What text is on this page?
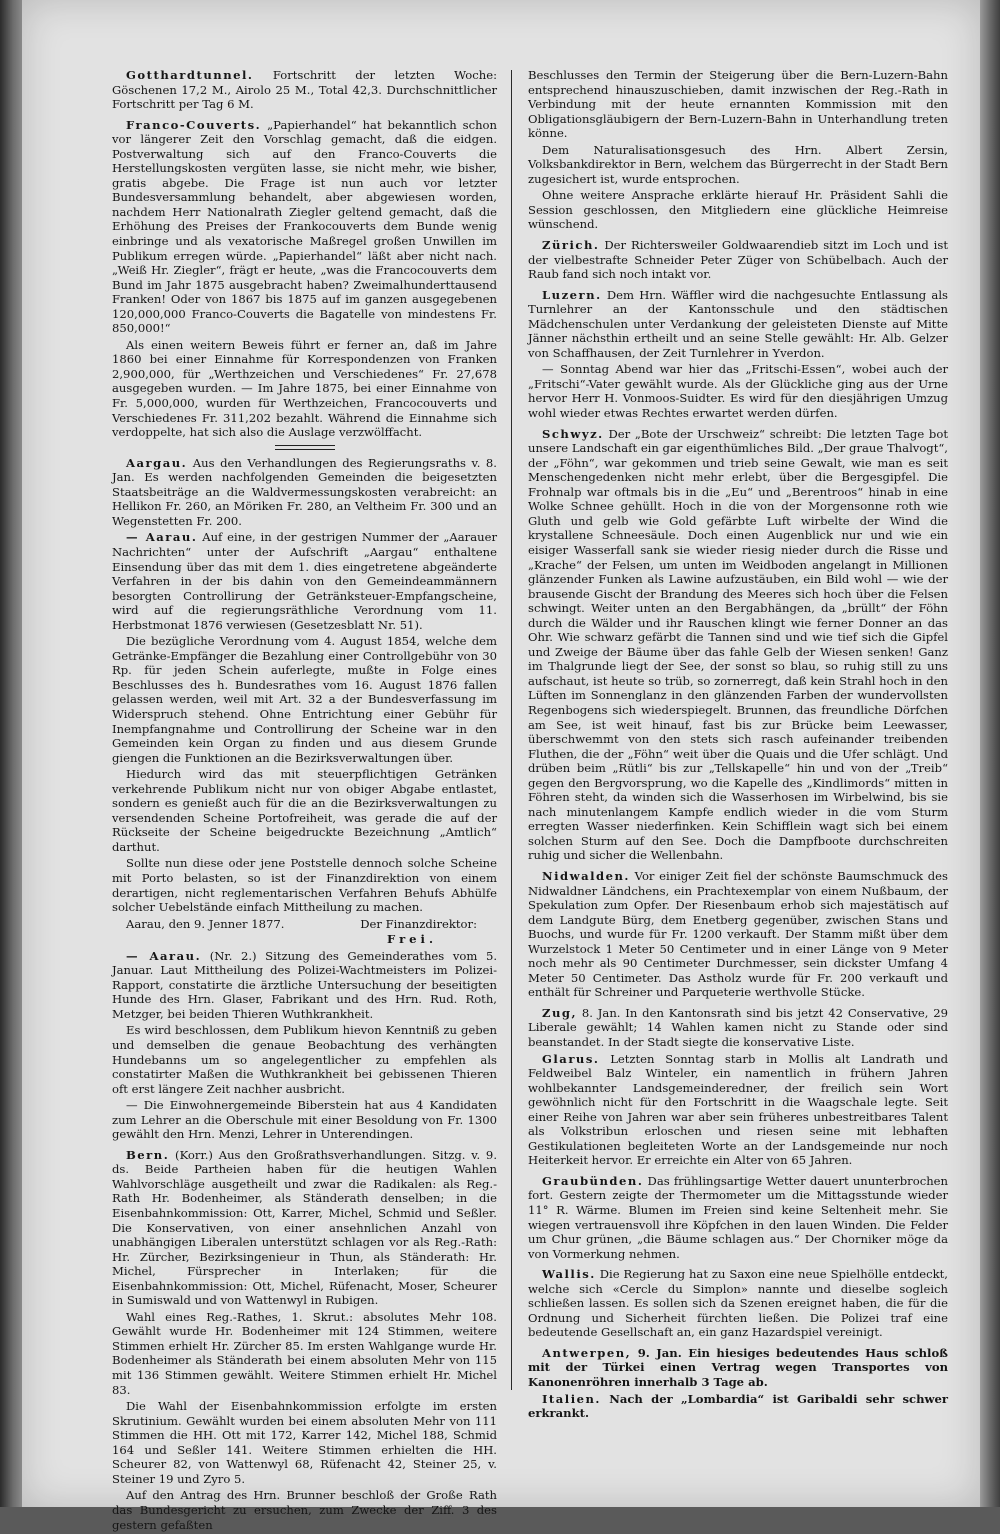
Gotthardtunnel. Fortschritt der letzten Woche: Göschenen 17,2 M., Airolo 25 M., Total 42,3. Durchschnittlicher Fortschritt per Tag 6 M.

Franco-Couverts. „Papierhandel“ hat bekanntlich schon vor längerer Zeit den Vorschlag gemacht, daß die eidgen. Postverwaltung sich auf den Franco-Couverts die Herstellungskosten vergüten lasse, sie nicht mehr, wie bisher, gratis abgebe. Die Frage ist nun auch vor letzter Bundesversammlung behandelt, aber abgewiesen worden, nachdem Herr Nationalrath Ziegler geltend gemacht, daß die Erhöhung des Preises der Frankocouverts dem Bunde wenig einbringe und als vexatorische Maßregel großen Unwillen im Publikum erregen würde. „Papierhandel“ läßt aber nicht nach. „Weiß Hr. Ziegler“, frägt er heute, „was die Francocouverts dem Bund im Jahr 1875 ausgebracht haben? Zweimalhunderttausend Franken! Oder von 1867 bis 1875 auf im ganzen ausgegebenen 120,000,000 Franco-Couverts die Bagatelle von mindestens Fr. 850,000!“

Als einen weitern Beweis führt er ferner an, daß im Jahre 1860 bei einer Einnahme für Korrespondenzen von Franken 2,900,000, für „Werthzeichen und Verschiedenes“ Fr. 27,678 ausgegeben wurden. — Im Jahre 1875, bei einer Einnahme von Fr. 5,000,000, wurden für Werthzeichen, Francocouverts und Verschiedenes Fr. 311,202 bezahlt. Während die Einnahme sich verdoppelte, hat sich also die Auslage verzwölffacht.

Aargau. Aus den Verhandlungen des Regierungsraths v. 8. Jan. Es werden nachfolgenden Gemeinden die beigesetzten Staatsbeiträge an die Waldvermessungskosten verabreicht: an Hellikon Fr. 260, an Möriken Fr. 280, an Veltheim Fr. 300 und an Wegenstetten Fr. 200.

— Aarau. Auf eine, in der gestrigen Nummer der „Aarauer Nachrichten“ unter der Aufschrift „Aargau“ enthaltene Einsendung über das mit dem 1. dies eingetretene abgeänderte Verfahren in der bis dahin von den Gemeindeammännern besorgten Controllirung der Getränksteuer-Empfangscheine, wird auf die regierungsräthliche Verordnung vom 11. Herbstmonat 1876 verwiesen (Gesetzesblatt Nr. 51).

Die bezügliche Verordnung vom 4. August 1854, welche dem Getränke-Empfänger die Bezahlung einer Controllgebühr von 30 Rp. für jeden Schein auferlegte, mußte in Folge eines Beschlusses des h. Bundesrathes vom 16. August 1876 fallen gelassen werden, weil mit Art. 32 a der Bundesverfassung im Widerspruch stehend. Ohne Entrichtung einer Gebühr für Inempfangnahme und Controllirung der Scheine war in den Gemeinden kein Organ zu finden und aus diesem Grunde giengen die Funktionen an die Bezirksverwaltungen über.

Hiedurch wird das mit steuerpflichtigen Getränken verkehrende Publikum nicht nur von obiger Abgabe entlastet, sondern es genießt auch für die an die Bezirksverwaltungen zu versendenden Scheine Portofreiheit, was gerade die auf der Rückseite der Scheine beigedruckte Bezeichnung „Amtlich“ darthut.

Sollte nun diese oder jene Poststelle dennoch solche Scheine mit Porto belasten, so ist der Finanzdirektion von einem derartigen, nicht reglementarischen Verfahren Behufs Abhülfe solcher Uebelstände einfach Mittheilung zu machen.

Aarau, den 9. Jenner 1877.	Der Finanzdirektor:
Frei.

— Aarau. (Nr. 2.) Sitzung des Gemeinderathes vom 5. Januar. Laut Mittheilung des Polizei-Wachtmeisters im Polizei-Rapport, constatirte die ärztliche Untersuchung der beseitigten Hunde des Hrn. Glaser, Fabrikant und des Hrn. Rud. Roth, Metzger, bei beiden Thieren Wuthkrankheit.

Es wird beschlossen, dem Publikum hievon Kenntniß zu geben und demselben die genaue Beobachtung des verhängten Hundebanns um so angelegentlicher zu empfehlen als constatirter Maßen die Wuthkrankheit bei gebissenen Thieren oft erst längere Zeit nachher ausbricht.

— Die Einwohnergemeinde Biberstein hat aus 4 Kandidaten zum Lehrer an die Oberschule mit einer Besoldung von Fr. 1300 gewählt den Hrn. Menzi, Lehrer in Unterendingen.

Bern. (Korr.) Aus den Großrathsverhandlungen. Sitzg. v. 9. ds. Beide Partheien haben für die heutigen Wahlen Wahlvorschläge ausgetheilt und zwar die Radikalen: als Reg.-Rath Hr. Bodenheimer, als Ständerath denselben; in die Eisenbahnkommission: Ott, Karrer, Michel, Schmid und Seßler. Die Konservativen, von einer ansehnlichen Anzahl von unabhängigen Liberalen unterstützt schlagen vor als Reg.-Rath: Hr. Zürcher, Bezirksingenieur in Thun, als Ständerath: Hr. Michel, Fürsprecher in Interlaken; für die Eisenbahnkommission: Ott, Michel, Rüfenacht, Moser, Scheurer in Sumiswald und von Wattenwyl in Rubigen.

Wahl eines Reg.-Rathes, 1. Skrut.: absolutes Mehr 108. Gewählt wurde Hr. Bodenheimer mit 124 Stimmen, weitere Stimmen erhielt Hr. Zürcher 85. Im ersten Wahlgange wurde Hr. Bodenheimer als Ständerath bei einem absoluten Mehr von 115 mit 136 Stimmen gewählt. Weitere Stimmen erhielt Hr. Michel 83.

Die Wahl der Eisenbahnkommission erfolgte im ersten Skrutinium. Gewählt wurden bei einem absoluten Mehr von 111 Stimmen die HH. Ott mit 172, Karrer 142, Michel 188, Schmid 164 und Seßler 141. Weitere Stimmen erhielten die HH. Scheurer 82, von Wattenwyl 68, Rüfenacht 42, Steiner 25, v. Steiner 19 und Zyro 5.

Auf den Antrag des Hrn. Brunner beschloß der Große Rath das Bundesgericht zu ersuchen, zum Zwecke der Ziff. 3 des gestern gefaßten

Beschlusses den Termin der Steigerung über die Bern-Luzern-Bahn entsprechend hinauszuschieben, damit inzwischen der Reg.-Rath in Verbindung mit der heute ernannten Kommission mit den Obligationsgläubigern der Bern-Luzern-Bahn in Unterhandlung treten könne.

Dem Naturalisationsgesuch des Hrn. Albert Zersin, Volksbankdirektor in Bern, welchem das Bürgerrecht in der Stadt Bern zugesichert ist, wurde entsprochen.

Ohne weitere Ansprache erklärte hierauf Hr. Präsident Sahli die Session geschlossen, den Mitgliedern eine glückliche Heimreise wünschend.

Zürich. Der Richtersweiler Goldwaarendieb sitzt im Loch und ist der vielbestrafte Schneider Peter Züger von Schübelbach. Auch der Raub fand sich noch intakt vor.

Luzern. Dem Hrn. Wäffler wird die nachgesuchte Entlassung als Turnlehrer an der Kantonsschule und den städtischen Mädchenschulen unter Verdankung der geleisteten Dienste auf Mitte Jänner nächsthin ertheilt und an seine Stelle gewählt: Hr. Alb. Gelzer von Schaffhausen, der Zeit Turnlehrer in Yverdon.

— Sonntag Abend war hier das „Fritschi-Essen“, wobei auch der „Fritschi“-Vater gewählt wurde. Als der Glückliche ging aus der Urne hervor Herr H. Vonmoos-Suidter. Es wird für den diesjährigen Umzug wohl wieder etwas Rechtes erwartet werden dürfen.

Schwyz. Der „Bote der Urschweiz“ schreibt: Die letzten Tage bot unsere Landschaft ein gar eigenthümliches Bild. „Der graue Thalvogt“, der „Föhn“, war gekommen und trieb seine Gewalt, wie man es seit Menschengedenken nicht mehr erlebt, über die Bergesgipfel. Die Frohnalp war oftmals bis in die „Eu“ und „Berentroos“ hinab in eine Wolke Schnee gehüllt. Hoch in die von der Morgensonne roth wie Gluth und gelb wie Gold gefärbte Luft wirbelte der Wind die krystallene Schneesäule. Doch einen Augenblick nur und wie ein eisiger Wasserfall sank sie wieder riesig nieder durch die Risse und „Krache“ der Felsen, um unten im Weidboden angelangt in Millionen glänzender Funken als Lawine aufzustäuben, ein Bild wohl — wie der brausende Gischt der Brandung des Meeres sich hoch über die Felsen schwingt. Weiter unten an den Bergabhängen, da „brüllt“ der Föhn durch die Wälder und ihr Rauschen klingt wie ferner Donner an das Ohr. Wie schwarz gefärbt die Tannen sind und wie tief sich die Gipfel und Zweige der Bäume über das fahle Gelb der Wiesen senken! Ganz im Thalgrunde liegt der See, der sonst so blau, so ruhig still zu uns aufschaut, ist heute so trüb, so zornerregt, daß kein Strahl hoch in den Lüften im Sonnenglanz in den glänzenden Farben der wundervollsten Regenbogens sich wiederspiegelt. Brunnen, das freundliche Dörfchen am See, ist weit hinauf, fast bis zur Brücke beim Leewasser, überschwemmt von den stets sich rasch aufeinander treibenden Fluthen, die der „Föhn“ weit über die Quais und die Ufer schlägt. Und drüben beim „Rütli“ bis zur „Tellskapelle“ hin und von der „Treib“ gegen den Bergvorsprung, wo die Kapelle des „Kindlimords“ mitten in Föhren steht, da winden sich die Wasserhosen im Wirbelwind, bis sie nach minutenlangem Kampfe endlich wieder in die vom Sturm erregten Wasser niederfinken. Kein Schifflein wagt sich bei einem solchen Sturm auf den See. Doch die Dampfboote durchschreiten ruhig und sicher die Wellenbahn.

Nidwalden. Vor einiger Zeit fiel der schönste Baumschmuck des Nidwaldner Ländchens, ein Prachtexemplar von einem Nußbaum, der Spekulation zum Opfer. Der Riesenbaum erhob sich majestätisch auf dem Landgute Bürg, dem Enetberg gegenüber, zwischen Stans und Buochs, und wurde für Fr. 1200 verkauft. Der Stamm mißt über dem Wurzelstock 1 Meter 50 Centimeter und in einer Länge von 9 Meter noch mehr als 90 Centimeter Durchmesser, sein dickster Umfang 4 Meter 50 Centimeter. Das Astholz wurde für Fr. 200 verkauft und enthält für Schreiner und Parqueterie werthvolle Stücke.

Zug, 8. Jan. In den Kantonsrath sind bis jetzt 42 Conservative, 29 Liberale gewählt; 14 Wahlen kamen nicht zu Stande oder sind beanstandet. In der Stadt siegte die konservative Liste.

Glarus. Letzten Sonntag starb in Mollis alt Landrath und Feldweibel Balz Winteler, ein namentlich in frühern Jahren wohlbekannter Landsgemeinderedner, der freilich sein Wort gewöhnlich nicht für den Fortschritt in die Waagschale legte. Seit einer Reihe von Jahren war aber sein früheres unbestreitbares Talent als Volkstribun erloschen und riesen seine mit lebhaften Gestikulationen begleiteten Worte an der Landsgemeinde nur noch Heiterkeit hervor. Er erreichte ein Alter von 65 Jahren.

Graubünden. Das frühlingsartige Wetter dauert ununterbrochen fort. Gestern zeigte der Thermometer um die Mittagsstunde wieder 11° R. Wärme. Blumen im Freien sind keine Seltenheit mehr. Sie wiegen vertrauensvoll ihre Köpfchen in den lauen Winden. Die Felder um Chur grünen, „die Bäume schlagen aus.“ Der Chorniker möge da von Vormerkung nehmen.

Wallis. Die Regierung hat zu Saxon eine neue Spielhölle entdeckt, welche sich «Cercle du Simplon» nannte und dieselbe sogleich schließen lassen. Es sollen sich da Szenen ereignet haben, die für die Ordnung und Sicherheit fürchten ließen. Die Polizei traf eine bedeutende Gesellschaft an, ein ganz Hazardspiel vereinigt.

Antwerpen, 9. Jan. Ein hiesiges bedeutendes Haus schloß mit der Türkei einen Vertrag wegen Transportes von Kanonenröhren innerhalb 3 Tage ab.

Italien. Nach der „Lombardia“ ist Garibaldi sehr schwer erkrankt.
